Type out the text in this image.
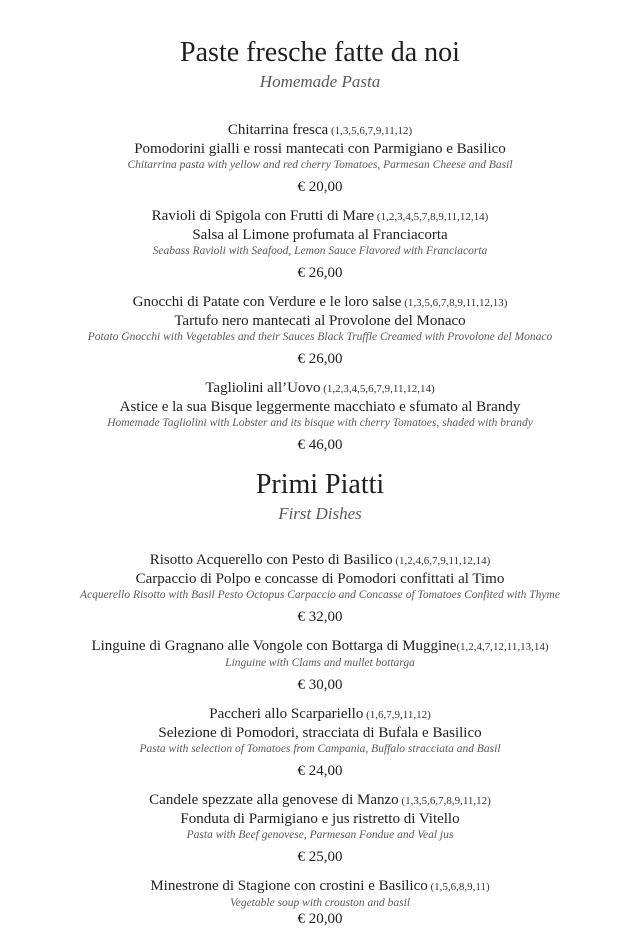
Paste fresche fatte da noi
Homemade Pasta
Chitarrina fresca (1,3,5,6,7,9,11,12)
Pomodorini gialli e rossi mantecati con Parmigiano e Basilico
Chitarrina pasta with yellow and red cherry Tomatoes, Parmesan Cheese and Basil
€ 20,00
Ravioli di Spigola con Frutti di Mare (1,2,3,4,5,7,8,9,11,12,14)
Salsa al Limone profumata al Franciacorta
Seabass Ravioli with Seafood, Lemon Sauce Flavored with Franciacorta
€ 26,00
Gnocchi di Patate con Verdure e le loro salse (1,3,5,6,7,8,9,11,12,13)
Tartufo nero mantecati al Provolone del Monaco
Potato Gnocchi with Vegetables and their Sauces Black Truffle Creamed with Provolone del Monaco
€ 26,00
Tagliolini all’Uovo (1,2,3,4,5,6,7,9,11,12,14)
Astice e la sua Bisque leggermente macchiato e sfumato al Brandy
Homemade Tagliolini with Lobster and its bisque with cherry Tomatoes, shaded with brandy
€ 46,00
Primi Piatti
First Dishes
Risotto Acquerello con Pesto di Basilico (1,2,4,6,7,9,11,12,14)
Carpaccio di Polpo e concasse di Pomodori confittati al Timo
Acquerello Risotto with Basil Pesto Octopus Carpaccio and Concasse of Tomatoes Confited with Thyme
€ 32,00
Linguine di Gragnano alle Vongole con Bottarga di Muggine(1,2,4,7,12,11,13,14)
Linguine with Clams and mullet bottarga
€ 30,00
Paccheri allo Scarpariello (1,6,7,9,11,12)
Selezione di Pomodori, stracciata di Bufala e Basilico
Pasta with selection of Tomatoes from Campania, Buffalo stracciata and Basil
€ 24,00
Candele spezzate alla genovese di Manzo (1,3,5,6,7,8,9,11,12)
Fonduta di Parmigiano e jus ristretto di Vitello
Pasta with Beef genovese, Parmesan Fondue and Veal jus
€ 25,00
Minestrone di Stagione con crostini e Basilico (1,5,6,8,9,11)
Vegetable soup with crouston and basil
€ 20,00
